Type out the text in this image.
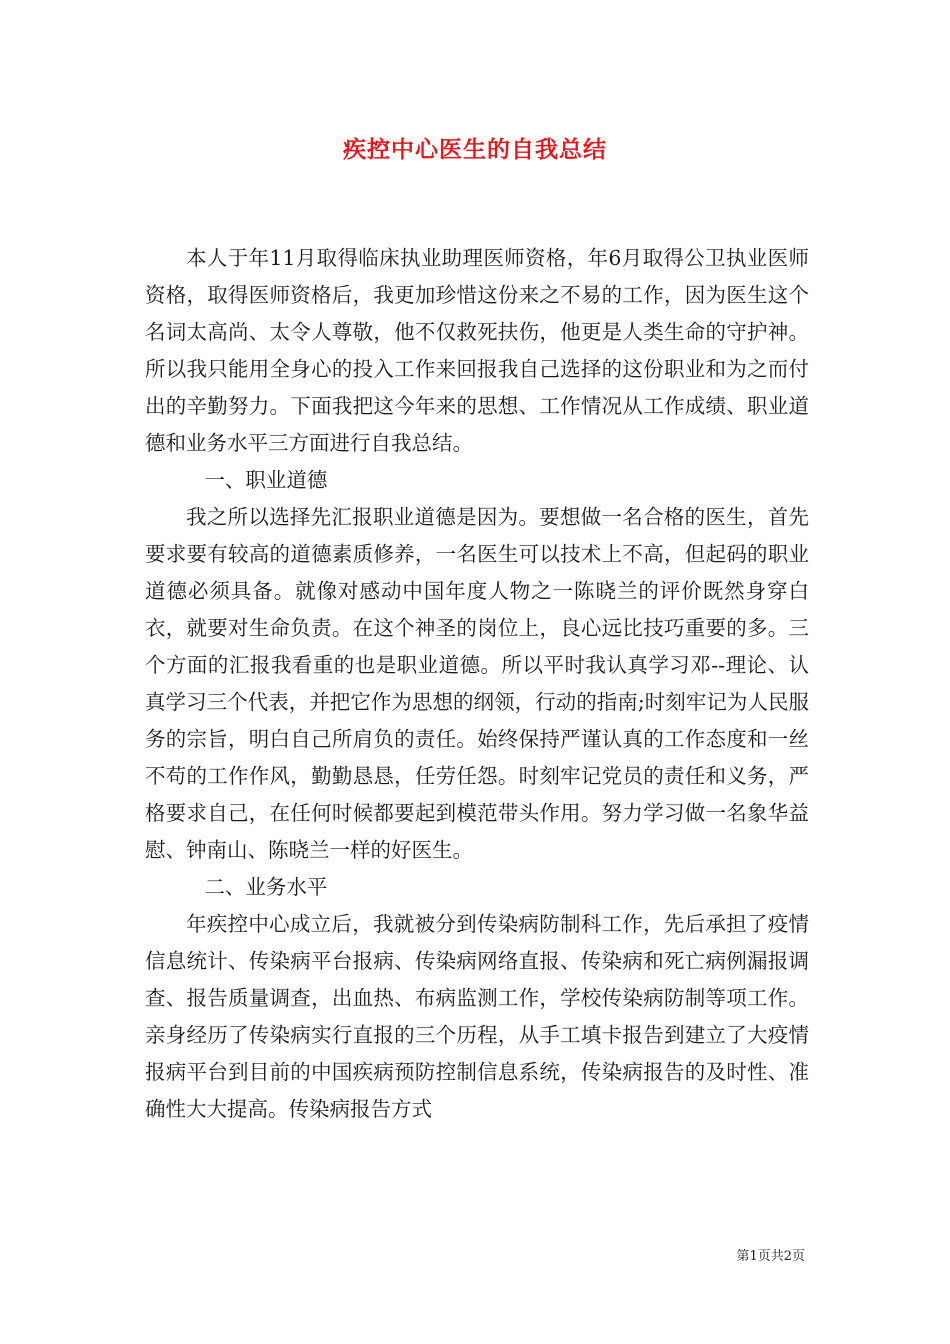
疾控中心医生的自我总结

本人于年11月取得临床执业助理医师资格，年6月取得公卫执业医师资格，取得医师资格后，我更加珍惜这份来之不易的工作，因为医生这个名词太高尚、太令人尊敬，他不仅救死扶伤，他更是人类生命的守护神。所以我只能用全身心的投入工作来回报我自己选择的这份职业和为之而付出的辛勤努力。下面我把这今年来的思想、工作情况从工作成绩、职业道德和业务水平三方面进行自我总结。

一、职业道德

我之所以选择先汇报职业道德是因为。要想做一名合格的医生，首先要求要有较高的道德素质修养，一名医生可以技术上不高，但起码的职业道德必须具备。就像对感动中国年度人物之一陈晓兰的评价既然身穿白衣，就要对生命负责。在这个神圣的岗位上，良心远比技巧重要的多。三个方面的汇报我看重的也是职业道德。所以平时我认真学习邓--理论、认真学习三个代表，并把它作为思想的纲领，行动的指南;时刻牢记为人民服务的宗旨，明白自己所肩负的责任。始终保持严谨认真的工作态度和一丝不苟的工作作风，勤勤恳恳，任劳任怨。时刻牢记党员的责任和义务，严格要求自己，在任何时候都要起到模范带头作用。努力学习做一名象华益慰、钟南山、陈晓兰一样的好医生。

二、业务水平

年疾控中心成立后，我就被分到传染病防制科工作，先后承担了疫情信息统计、传染病平台报病、传染病网络直报、传染病和死亡病例漏报调查、报告质量调查，出血热、布病监测工作，学校传染病防制等项工作。亲身经历了传染病实行直报的三个历程，从手工填卡报告到建立了大疫情报病平台到目前的中国疾病预防控制信息系统，传染病报告的及时性、准确性大大提高。传染病报告方式

第1页共2页
